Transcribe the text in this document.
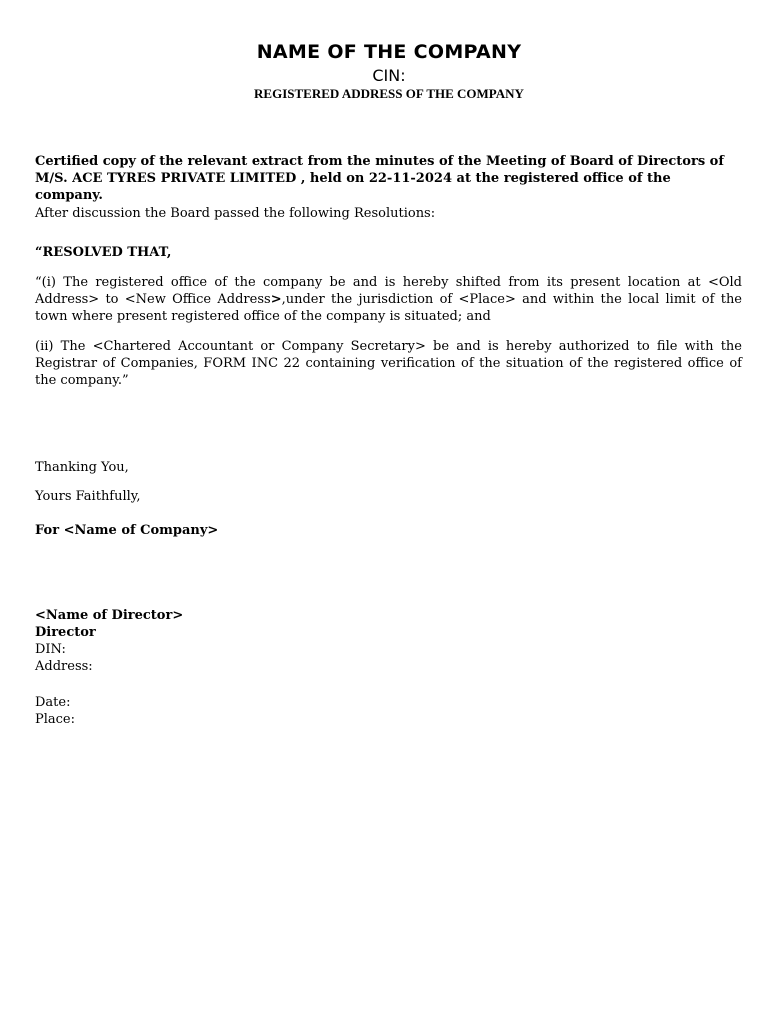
NAME OF THE COMPANY
CIN:
REGISTERED ADDRESS OF THE COMPANY
Certified copy of the relevant extract from the minutes of the Meeting of Board of Directors of M/S. ACE TYRES PRIVATE LIMITED , held on 22-11-2024 at the registered office of the company.
After discussion the Board passed the following Resolutions:
“RESOLVED THAT,
“(i) The registered office of the company be and is hereby shifted from its present location at <Old Address> to <New Office Address>,under the jurisdiction of <Place> and within the local limit of the town where present registered office of the company is situated; and
(ii) The <Chartered Accountant or Company Secretary> be and is hereby authorized to file with the Registrar of Companies, FORM INC 22 containing verification of the situation of the registered office of the company.”
Thanking You,
Yours Faithfully,
For <Name of Company>
<Name of Director>
Director
DIN:
Address:
Date:
Place:
